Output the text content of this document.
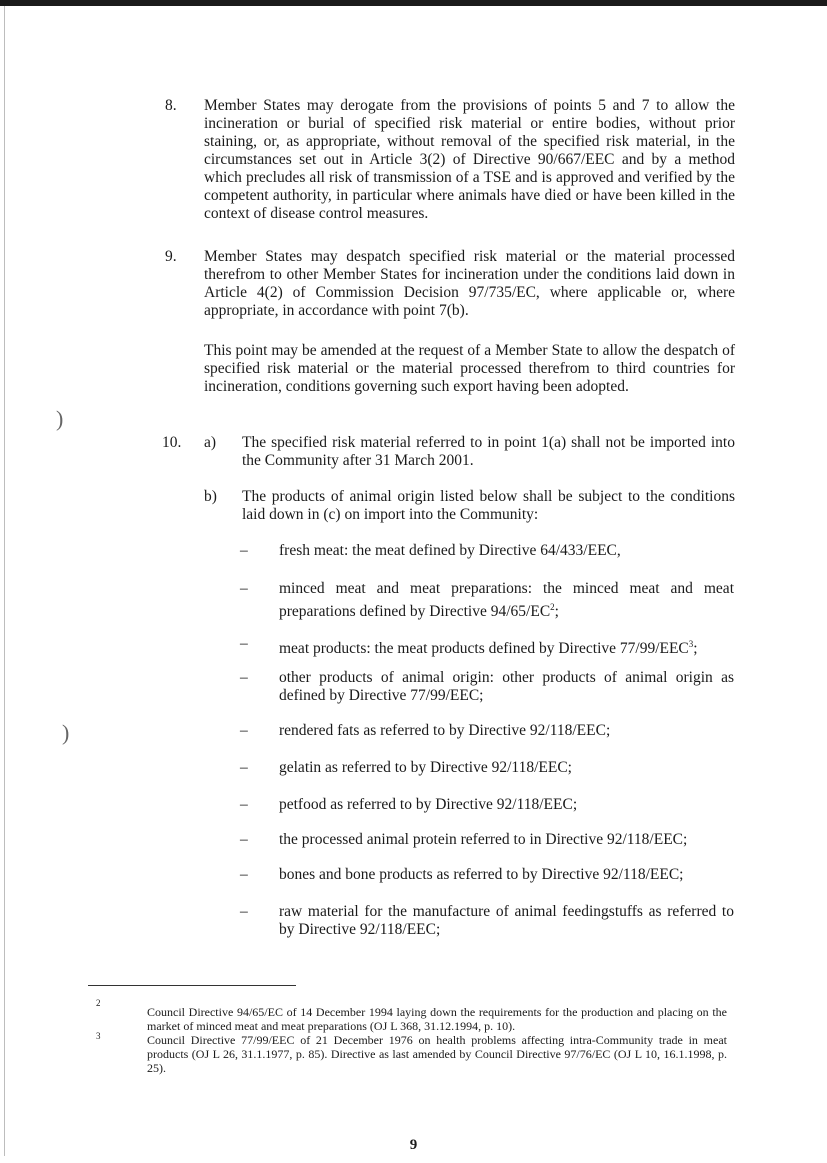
)
)
8. Member States may derogate from the provisions of points 5 and 7 to allow the incineration or burial of specified risk material or entire bodies, without prior staining, or, as appropriate, without removal of the specified risk material, in the circumstances set out in Article 3(2) of Directive 90/667/EEC and by a method which precludes all risk of transmission of a TSE and is approved and verified by the competent authority, in particular where animals have died or have been killed in the context of disease control measures.
9. Member States may despatch specified risk material or the material processed therefrom to other Member States for incineration under the conditions laid down in Article 4(2) of Commission Decision 97/735/EC, where applicable or, where appropriate, in accordance with point 7(b).
This point may be amended at the request of a Member State to allow the despatch of specified risk material or the material processed therefrom to third countries for incineration, conditions governing such export having been adopted.
10. a) The specified risk material referred to in point 1(a) shall not be imported into the Community after 31 March 2001.
b) The products of animal origin listed below shall be subject to the conditions laid down in (c) on import into the Community:
– fresh meat: the meat defined by Directive 64/433/EEC,
– minced meat and meat preparations: the minced meat and meat preparations defined by Directive $94/65/EC^2$;
– meat products: the meat products defined by Directive 77/99/EEC$^3$;
– other products of animal origin: other products of animal origin as defined by Directive 77/99/EEC;
– rendered fats as referred to by Directive 92/118/EEC;
– gelatin as referred to by Directive 92/118/EEC;
– petfood as referred to by Directive 92/118/EEC;
– the processed animal protein referred to in Directive 92/118/EEC;
– bones and bone products as referred to by Directive 92/118/EEC;
– raw material for the manufacture of animal feedingstuffs as referred to by Directive 92/118/EEC;
2
Council Directive 94/65/EC of 14 December 1994 laying down the requirements for the production and placing on the market of minced meat and meat preparations (OJ L 368, 31.12.1994, p. 10).
3	Council Directive 77/99/EEC of 21 December 1976 on health problems affecting intra-Community trade in meat products (OJ L 26, 31.1.1977, p. 85). Directive as last amended by Council Directive 97/76/EC (OJ L 10, 16.1.1998, p. 25).
9
